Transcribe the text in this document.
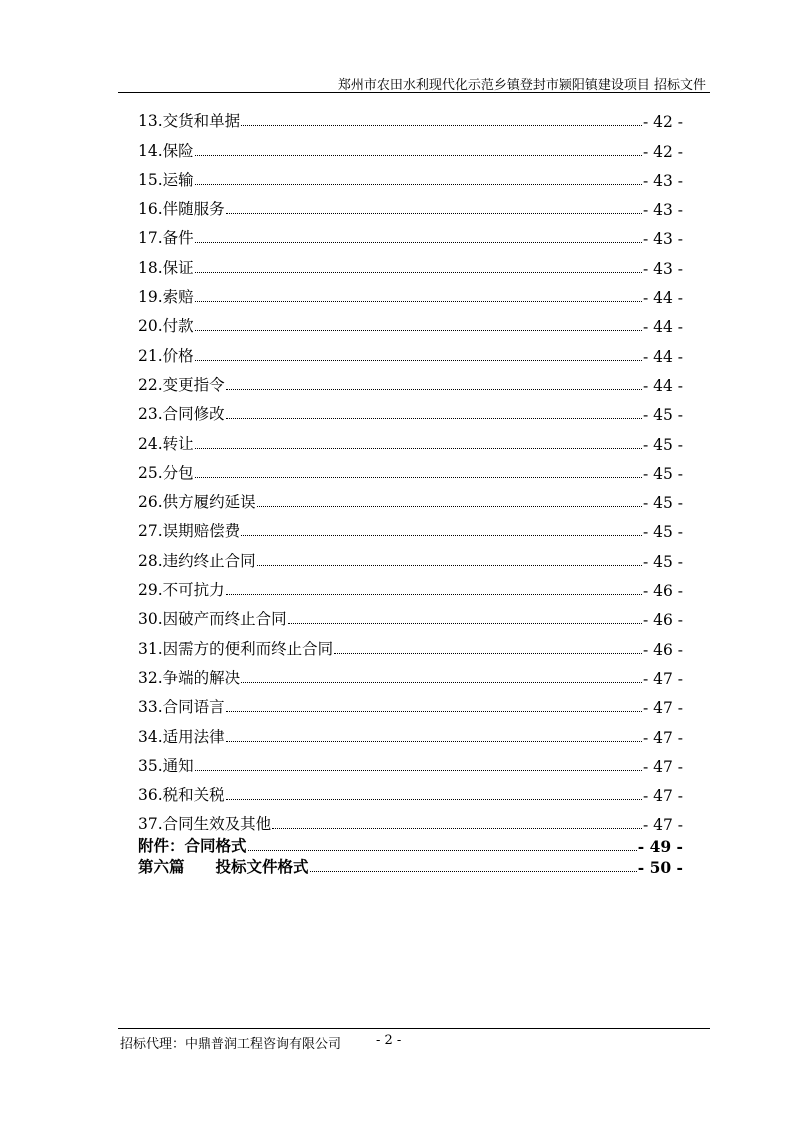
郑州市农田水利现代化示范乡镇登封市颍阳镇建设项目 招标文件
13.交货和单据	- 42 -
14.保险	- 42 -
15.运输	- 43 -
16.伴随服务	- 43 -
17.备件	- 43 -
18.保证	- 43 -
19.索赔	- 44 -
20.付款	- 44 -
21.价格	- 44 -
22.变更指令	- 44 -
23.合同修改	- 45 -
24.转让	- 45 -
25.分包	- 45 -
26.供方履约延误	- 45 -
27.误期赔偿费	- 45 -
28.违约终止合同	- 45 -
29.不可抗力	- 46 -
30.因破产而终止合同	- 46 -
31.因需方的便利而终止合同	- 46 -
32.争端的解决	- 47 -
33.合同语言	- 47 -
34.适用法律	- 47 -
35.通知	- 47 -
36.税和关税	- 47 -
37.合同生效及其他	- 47 -
附件：合同格式	- 49 -
第六篇　　投标文件格式	- 50 -
招标代理：中鼎普润工程咨询有限公司	- 2 -
